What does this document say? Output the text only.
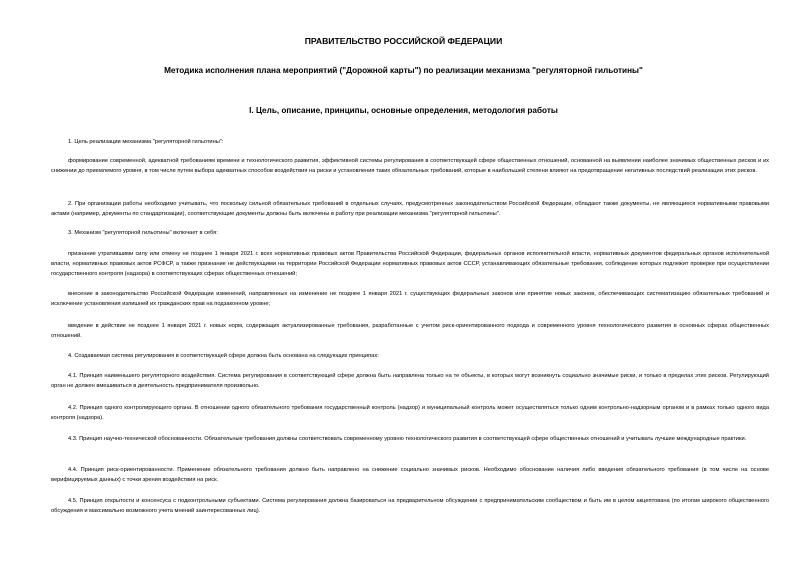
ПРАВИТЕЛЬСТВО РОССИЙСКОЙ ФЕДЕРАЦИИ
Методика исполнения плана мероприятий ("Дорожной карты") по реализации механизма "регуляторной гильотины"
I. Цель, описание, принципы, основные определения, методология работы

1. Цель реализации механизма "регуляторной гильотины":

формирование современной, адекватной требованиям времени и технологического развития, эффективной системы регулирования в соответствующей сфере общественных отношений, основанной на выявлении наиболее значимых общественных рисков и их снижении до приемлемого уровня, в том числе путем выбора адекватных способов воздействия на риски и установления таких обязательных требований, которые в наибольшей степени влияют на предотвращение негативных последствий реализации этих рисков.

2. При организации работы необходимо учитывать, что поскольку сильной обязательных требований в отдельных случаях, предусмотренных законодательством Российской Федерации, обладают также документы, не являющиеся нормативными правовыми актами (например, документы по стандартизации), соответствующие документы должны быть включены в работу при реализации механизма "регуляторной гильотины".

3. Механизм "регуляторной гильотины" включает в себя:

признание утратившими силу или отмену не позднее 1 января 2021 г. всех нормативных правовых актов Правительства Российской Федерации, федеральных органов исполнительной власти, нормативных документов федеральных органов исполнительной власти, нормативных правовых актов РСФСР, а также признание не действующими на территории Российской Федерации нормативных правовых актов СССР, устанавливающих обязательные требования, соблюдение которых подлежит проверке при осуществлении государственного контроля (надзора) в соответствующих сферах общественных отношений;

внесение в законодательство Российской Федерации изменений, направленных на изменение не позднее 1 января 2021 г. существующих федеральных законов или принятие новых законов, обеспечивающих систематизацию обязательных требований и исключение установления излишней их гражданских прав на подзаконном уровне;

введение в действие не позднее 1 января 2021 г. новых норм, содержащих актуализированные требования, разработанные с учетом риск-ориентированного подхода и современного уровня технологического развития в основных сферах общественных отношений.

4. Создаваемая система регулирования в соответствующей сфере должна быть основана на следующих принципах:

4.1. Принцип наименьшего регуляторного воздействия. Система регулирования в соответствующей сфере должна быть направлена только на те объекты, в которых могут возникнуть социально значимые риски, и только в пределах этих рисков. Регулирующий орган не должен вмешиваться в деятельность предпринимателя произвольно.

4.2. Принцип одного контролирующего органа. В отношении одного обязательного требования государственный контроль (надзор) и муниципальный контроль может осуществляться только одним контрольно-надзорным органом и в рамках только одного вида контроля (надзора).

4.3. Принцип научно-технической обоснованности. Обязательные требования должны соответствовать современному уровню технологического развития в соответствующей сфере общественных отношений и учитывать лучшие международные практики.

4.4. Принцип риск-ориентированности. Применение обязательного требования должно быть направлено на снижение социально значимых рисков. Необходимо обоснование наличия либо введения обязательного требования (в том числе на основе верифицируемых данных) с точки зрения воздействия на риск.

4.5. Принцип открытости и консенсуса с подконтрольными субъектами. Система регулирования должна базироваться на предварительном обсуждении с предпринимательским сообществом и быть им в целом акцептована (по итогам широкого общественного обсуждения и максимально возможного учета мнений заинтересованных лиц).
